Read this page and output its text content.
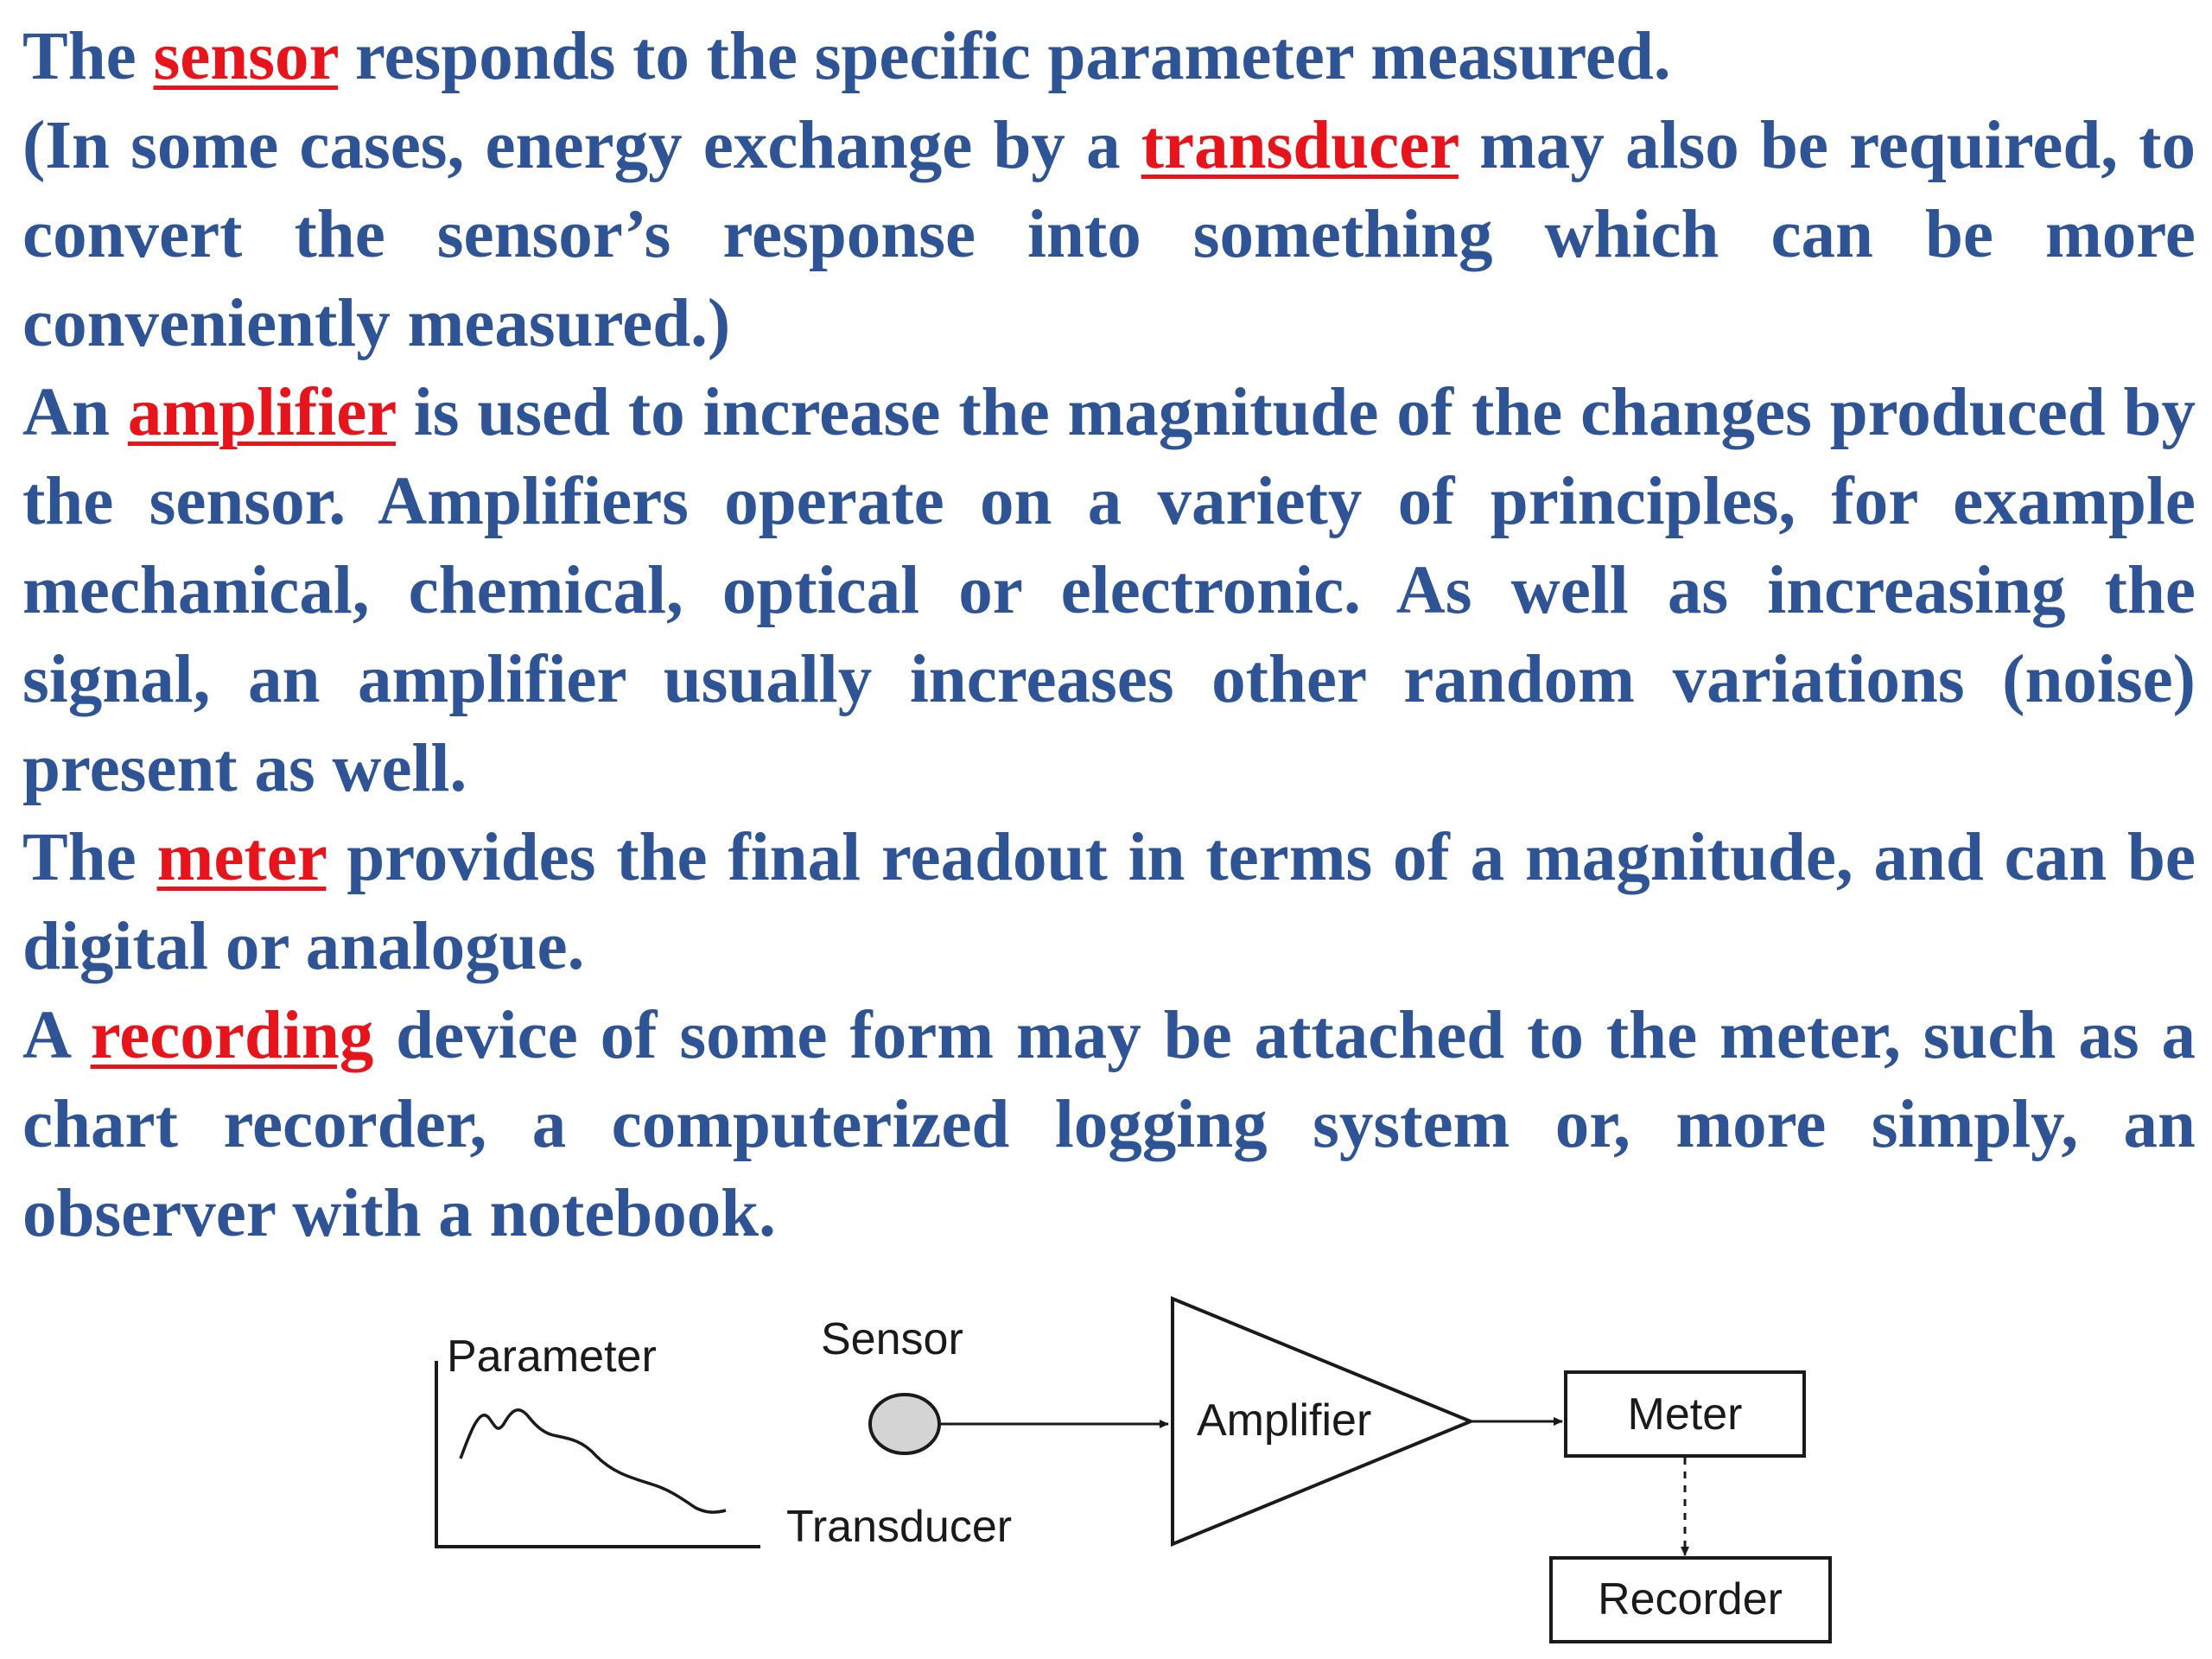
The sensor responds to the specific parameter measured.

(In some cases, energy exchange by a transducer may also be required, to convert the sensor’s response into something which can be more conveniently measured.)

An amplifier is used to increase the magnitude of the changes produced by the sensor. Amplifiers operate on a variety of principles, for example mechanical, chemical, optical or electronic. As well as increasing the signal, an amplifier usually increases other random variations (noise) present as well.

The meter provides the final readout in terms of a magnitude, and can be digital or analogue.

A recording device of some form may be attached to the meter, such as a chart recorder, a computerized logging system or, more simply, an observer with a notebook.

Parameter	Sensor
Transducer
Amplifier	Meter
Recorder
